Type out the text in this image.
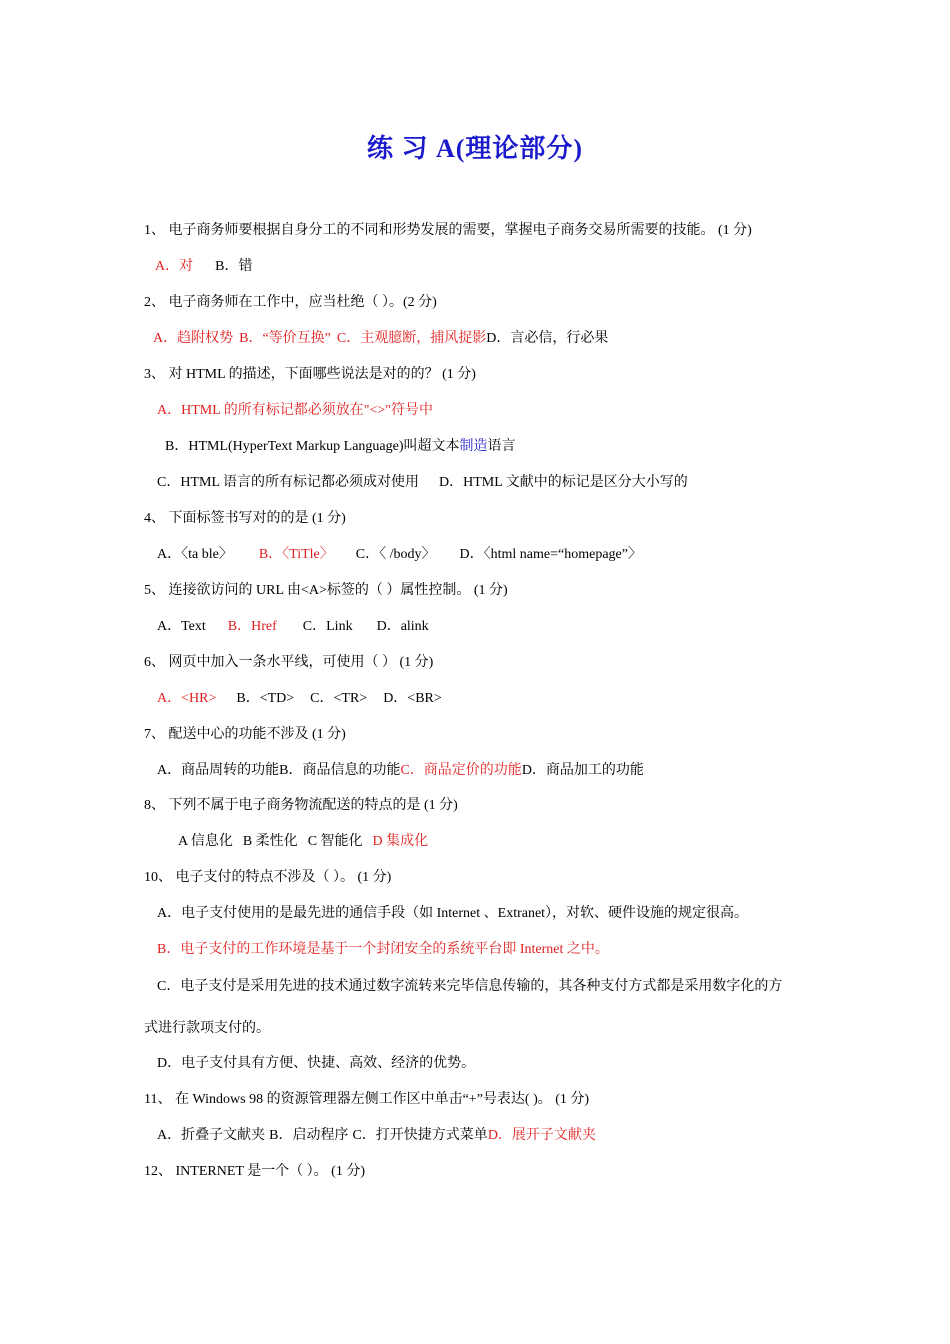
练 习 A(理论部分)
1、 电子商务师要根据自身分工的不同和形势发展的需要，掌握电子商务交易所需要的技能。 (1 分)
A．对 B．错
2、 电子商务师在工作中，应当杜绝（ ）。(2 分)
A．趋附权势 B．“等价互换” C．主观臆断，捕风捉影D．言必信，行必果
3、 对 HTML 的描述，下面哪些说法是对的的？ (1 分)
A．HTML 的所有标记都必须放在"<>"符号中
B．HTML(HyperText Markup Language)叫超文本制造语言
C．HTML 语言的所有标记都必须成对使用 D．HTML 文献中的标记是区分大小写的
4、 下面标签书写对的的是 (1 分)
A．〈ta ble〉 B．〈TiTle〉 C．〈 /body〉 D．〈html name=“homepage”〉
5、 连接欲访问的 URL 由<A>标签的（ ）属性控制。 (1 分)
A．Text B．Href C．Link D．alink
6、 网页中加入一条水平线，可使用（ ） (1 分)
A．<HR> B．<TD> C．<TR> D．<BR>
7、 配送中心的功能不涉及 (1 分)
A．商品周转的功能B．商品信息的功能C．商品定价的功能D．商品加工的功能
8、 下列不属于电子商务物流配送的特点的是 (1 分)
A 信息化 B 柔性化 C 智能化 D 集成化
10、 电子支付的特点不涉及（ ）。 (1 分)
A．电子支付使用的是最先进的通信手段（如 Internet 、Extranet），对软、硬件设施的规定很高。
B．电子支付的工作环境是基于一个封闭安全的系统平台即 Internet 之中。
C．电子支付是采用先进的技术通过数字流转来完毕信息传输的，其各种支付方式都是采用数字化的方
式进行款项支付的。
D．电子支付具有方便、快捷、高效、经济的优势。
11、 在 Windows 98 的资源管理器左侧工作区中单击“+”号表达( )。 (1 分)
A．折叠子文献夹 B．启动程序 C．打开快捷方式菜单D．展开子文献夹
12、 INTERNET 是一个（ ）。 (1 分)
